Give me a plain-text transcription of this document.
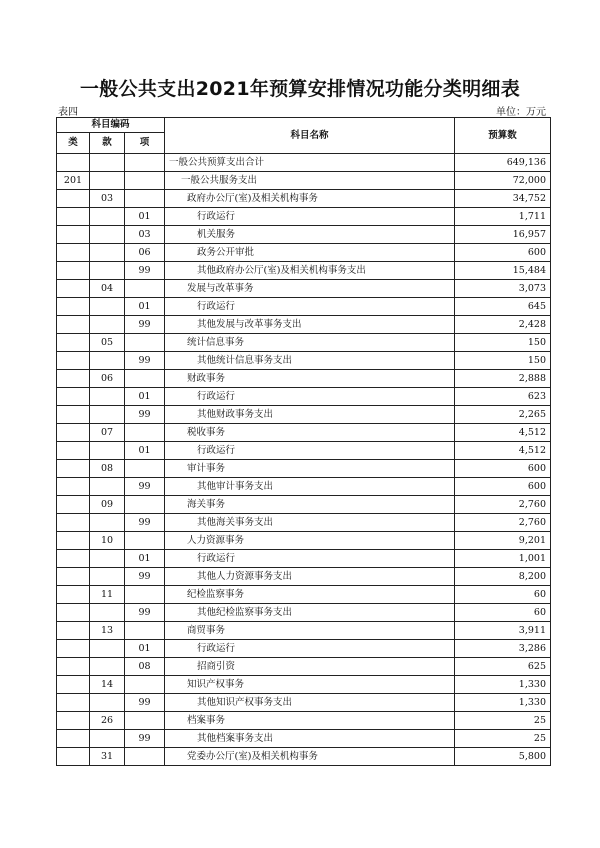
一般公共支出2021年预算安排情况功能分类明细表
表四	单位：万元
科目编码			科目名称	预算数
类	款	项		
			一般公共预算支出合计	649,136
201			一般公共服务支出	72,000
	03		政府办公厅(室)及相关机构事务	34,752
		01	行政运行	1,711
		03	机关服务	16,957
		06	政务公开审批	600
		99	其他政府办公厅(室)及相关机构事务支出	15,484
	04		发展与改革事务	3,073
		01	行政运行	645
		99	其他发展与改革事务支出	2,428
	05		统计信息事务	150
		99	其他统计信息事务支出	150
	06		财政事务	2,888
		01	行政运行	623
		99	其他财政事务支出	2,265
	07		税收事务	4,512
		01	行政运行	4,512
	08		审计事务	600
		99	其他审计事务支出	600
	09		海关事务	2,760
		99	其他海关事务支出	2,760
	10		人力资源事务	9,201
		01	行政运行	1,001
		99	其他人力资源事务支出	8,200
	11		纪检监察事务	60
		99	其他纪检监察事务支出	60
	13		商贸事务	3,911
		01	行政运行	3,286
		08	招商引资	625
	14		知识产权事务	1,330
		99	其他知识产权事务支出	1,330
	26		档案事务	25
		99	其他档案事务支出	25
	31		党委办公厅(室)及相关机构事务	5,800
